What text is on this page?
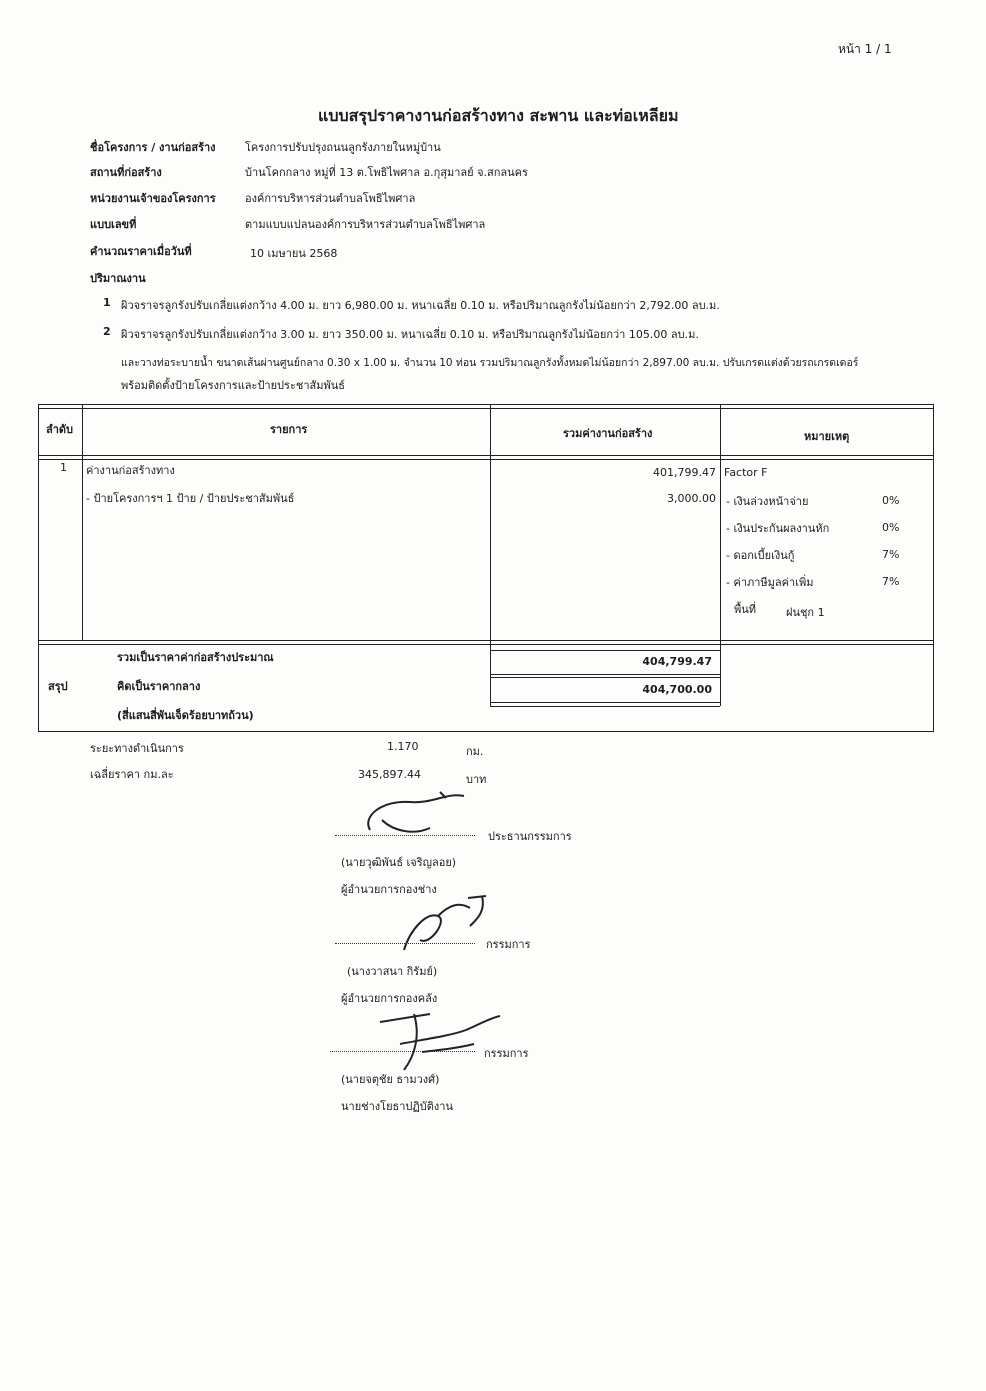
หน้า 1 / 1
แบบสรุปราคางานก่อสร้างทาง สะพาน และท่อเหลียม
ชื่อโครงการ / งานก่อสร้าง	โครงการปรับปรุงถนนลูกรังภายในหมู่บ้าน
สถานที่ก่อสร้าง	บ้านโคกกลาง หมู่ที่ 13 ต.โพธิไพศาล อ.กุสุมาลย์ จ.สกลนคร
หน่วยงานเจ้าของโครงการ	องค์การบริหารส่วนตำบลโพธิไพศาล
แบบเลขที่	ตามแบบแปลนองค์การบริหารส่วนตำบลโพธิไพศาล
คำนวณราคาเมื่อวันที่	10 เมษายน 2568
ปริมาณงาน
1 ผิวจราจรลูกรังปรับเกลี่ยแต่งกว้าง 4.00 ม. ยาว 6,980.00 ม. หนาเฉลี่ย 0.10 ม. หรือปริมาณลูกรังไม่น้อยกว่า 2,792.00 ลบ.ม.
2 ผิวจราจรลูกรังปรับเกลี่ยแต่งกว้าง 3.00 ม. ยาว 350.00 ม. หนาเฉลี่ย 0.10 ม. หรือปริมาณลูกรังไม่น้อยกว่า 105.00 ลบ.ม.
และวางท่อระบายน้ำ ขนาดเส้นผ่านศูนย์กลาง 0.30 x 1.00 ม. จำนวน 10 ท่อน รวมปริมาณลูกรังทั้งหมดไม่น้อยกว่า 2,897.00 ลบ.ม. ปรับเกรดแต่งด้วยรถเกรดเดอร์
พร้อมติดตั้งป้ายโครงการและป้ายประชาสัมพันธ์
ลำดับ	รายการ	รวมค่างานก่อสร้าง	หมายเหตุ
1 ค่างานก่อสร้างทาง	401,799.47
- ป้ายโครงการฯ 1 ป้าย / ป้ายประชาสัมพันธ์	3,000.00
Factor F
- เงินล่วงหน้าจ่าย	0%
- เงินประกันผลงานหัก	0%
- ดอกเบี้ยเงินกู้	7%
- ค่าภาษีมูลค่าเพิ่ม	7%
พื้นที่	ฝนชุก 1
สรุป
รวมเป็นราคาค่าก่อสร้างประมาณ	404,799.47
คิดเป็นราคากลาง	404,700.00
(สี่แสนสี่พันเจ็ดร้อยบาทถ้วน)
ระยะทางดำเนินการ	1.170	กม.
เฉลี่ยราคา กม.ละ	345,897.44	บาท
ประธานกรรมการ
(นายวุฒิพันธ์ เจริญลอย)
ผู้อำนวยการกองช่าง
กรรมการ
(นางวาสนา กิรัมย์)
ผู้อำนวยการกองคลัง
กรรมการ
(นายจตุชัย ธามวงศ์)
นายช่างโยธาปฏิบัติงาน
